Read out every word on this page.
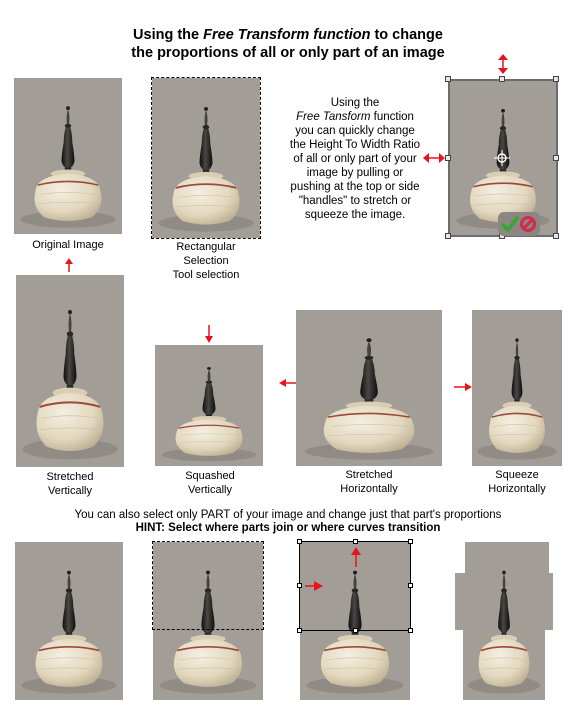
Using the Free Transform function to change
the proportions of all or only part of an image
Original Image	Rectangular
Selection
Tool selection
Using the
Free Tansform function
you can quickly change
the Height To Width Ratio
of all or only part of your
image by pulling or
pushing at the top or side
"handles" to stretch or
squeeze the image.
Stretched
Vertically
Squashed
Vertically
Stretched
Horizontally
Squeeze
Horizontally
You can also select only PART of your image and change just that part's proportions
HINT: Select where parts join or where curves transition
